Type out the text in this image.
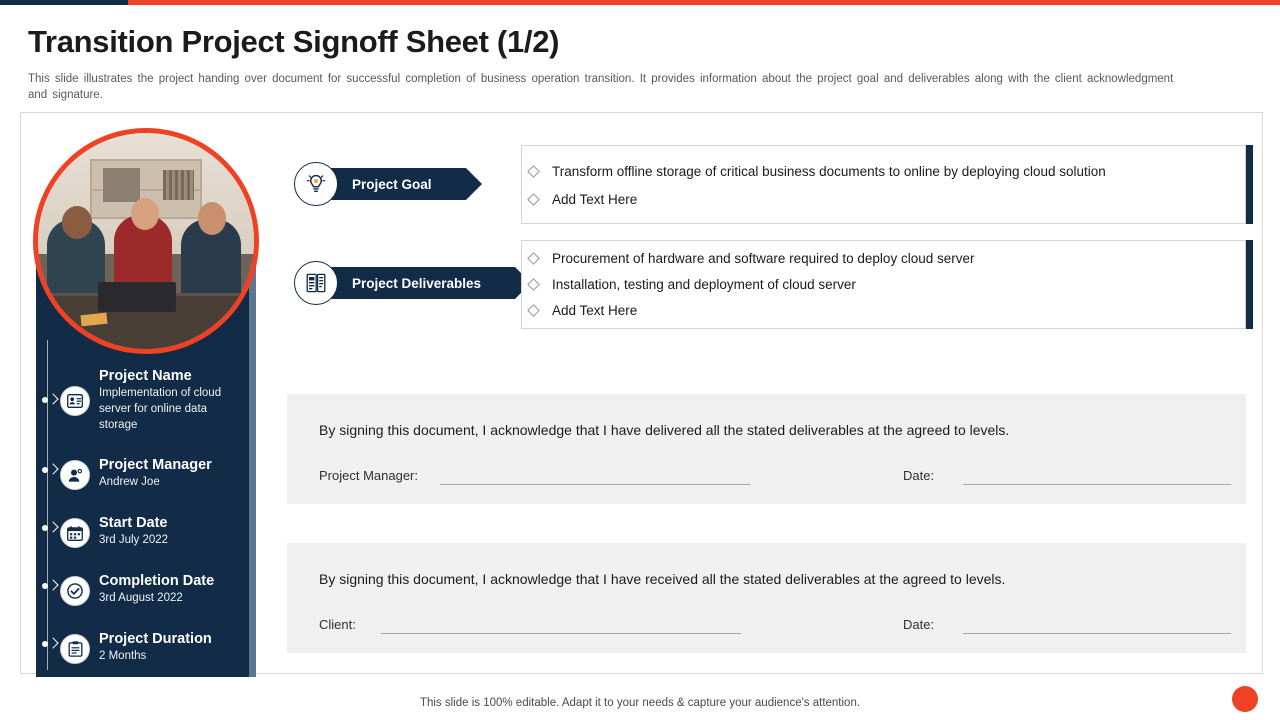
Transition Project Signoff Sheet (1/2)
This slide illustrates the project handing over document for successful completion of business operation transition. It provides information about the project goal and deliverables along with the client acknowledgment and signature.
Project Name
Implementation of cloud server for online data storage
Project Manager
Andrew Joe
Start Date
3rd July 2022
Completion Date
3rd August 2022
Project Duration
2 Months
Project Goal
Transform offline storage of critical business documents to online by deploying cloud solution
Add Text Here
Project Deliverables
Procurement of hardware and software required to deploy cloud server
Installation, testing and deployment of cloud server
Add Text Here
By signing this document, I acknowledge that I have delivered all the stated deliverables at the agreed to levels.
Project Manager:	Date:
By signing this document, I acknowledge that I have received all the stated deliverables at the agreed to levels.
Client:	Date:
This slide is 100% editable. Adapt it to your needs & capture your audience's attention.
